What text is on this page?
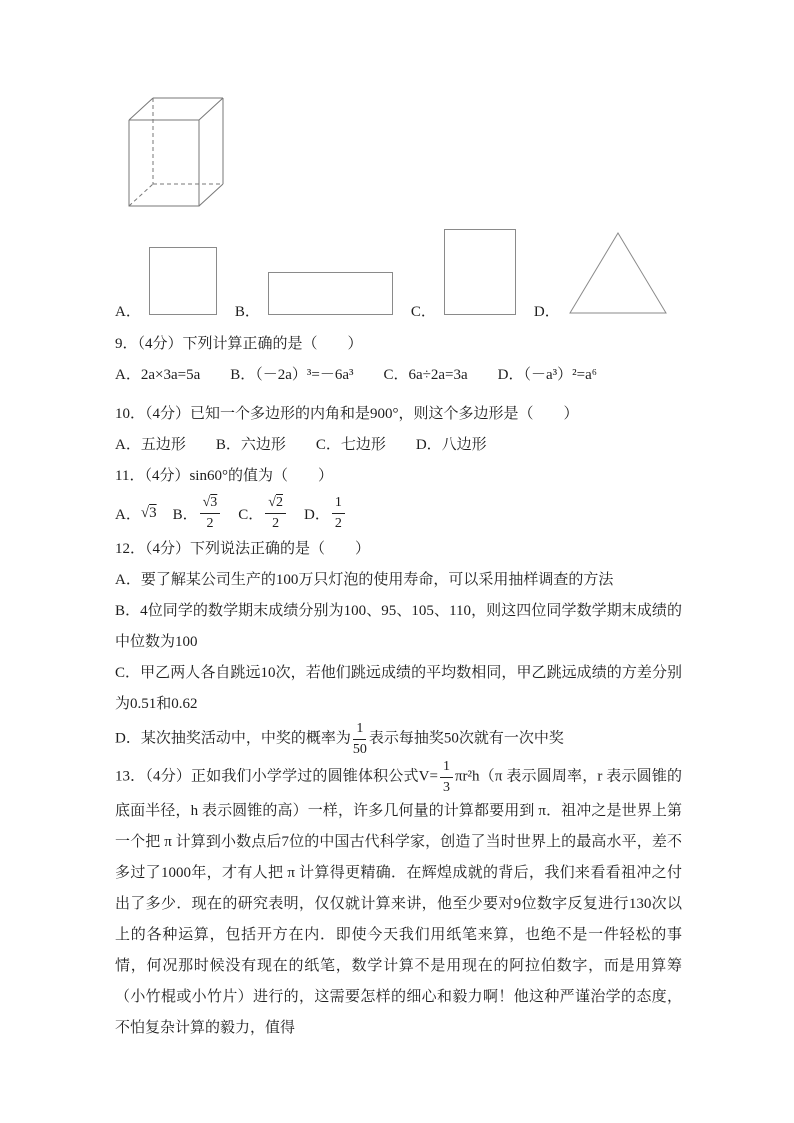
A．	B．	C．	D．

9．（4分）下列计算正确的是（　　）

A．2a×3a=5a　　B．（－2a）³=－6a³　　C．6a÷2a=3a　　D．（－a³）²=a⁶

10．（4分）已知一个多边形的内角和是900°，则这个多边形是（　　）

A．五边形　　B．六边形　　C．七边形　　D．八边形

11．（4分）sin60°的值为（　　）

A． √3 B． $\frac{√3}{2}$ C． $\frac{√2}{2}$ D． $\frac{1}{2}$

12．（4分）下列说法正确的是（　　）

A．要了解某公司生产的100万只灯泡的使用寿命，可以采用抽样调查的方法

B．4位同学的数学期末成绩分别为100、95、105、110，则这四位同学数学期末成绩的中位数为100

C．甲乙两人各自跳远10次，若他们跳远成绩的平均数相同，甲乙跳远成绩的方差分别为0.51和0.62

D．某次抽奖活动中，中奖的概率为 $\frac{1}{50}$ 表示每抽奖50次就有一次中奖

13．（4分）正如我们小学学过的圆锥体积公式$V= \frac{1}{3} \pi r^2h(\pi$ 表示圆周率，r 表示圆锥的底面半径，h 表示圆锥的高）一样，许多几何量的计算都要用到 π．祖冲之是世界上第一个把 π 计算到小数点后7位的中国古代科学家，创造了当时世界上的最高水平，差不多过了1000年，才有人把 π 计算得更精确．在辉煌成就的背后，我们来看看祖冲之付出了多少．现在的研究表明，仅仅就计算来讲，他至少要对9位数字反复进行130次以上的各种运算，包括开方在内．即使今天我们用纸笔来算，也绝不是一件轻松的事情，何况那时候没有现在的纸笔，数学计算不是用现在的阿拉伯数字，而是用算筹（小竹棍或小竹片）进行的，这需要怎样的细心和毅力啊！他这种严谨治学的态度，不怕复杂计算的毅力，值得
